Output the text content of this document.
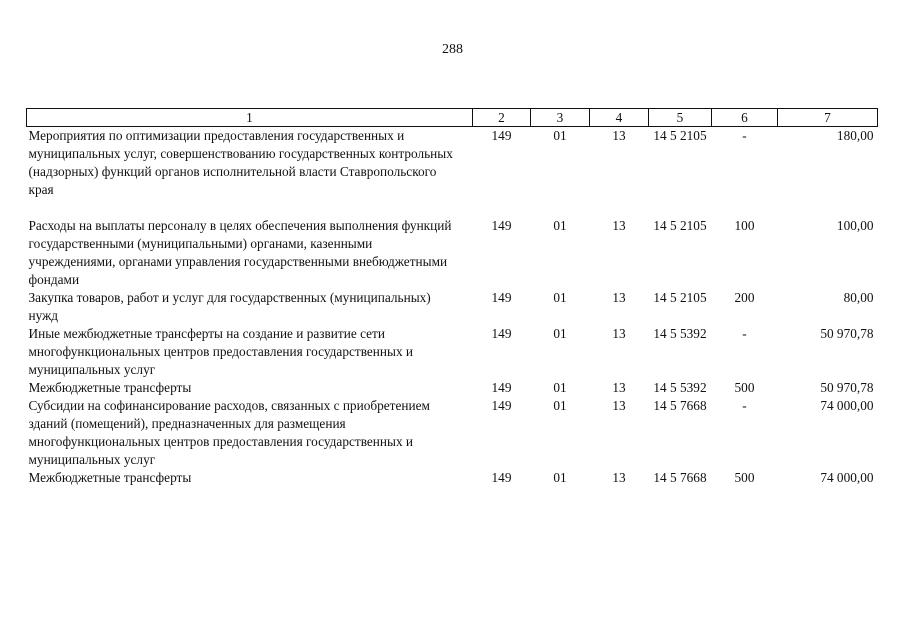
288
1	2	3	4	5	6	7
Мероприятия по оптимизации предоставления государственных и муниципальных услуг, совершенствованию государственных контрольных (надзорных) функций органов исполнительной власти Ставропольского края	149	01	13	14 5 2105	-	180,00

Расходы на выплаты персоналу в целях обеспечения выполнения функций государственными (муниципальными) органами, казенными учреждениями, органами управления государственными внебюджетными фондами	149	01	13	14 5 2105	100	100,00
Закупка товаров, работ и услуг для государственных (муниципальных) нужд	149	01	13	14 5 2105	200	80,00
Иные межбюджетные трансферты на создание и развитие сети многофункциональных центров предоставления государственных и муниципальных услуг	149	01	13	14 5 5392	-	50 970,78
Межбюджетные трансферты	149	01	13	14 5 5392	500	50 970,78
Субсидии на софинансирование расходов, связанных с приобретением зданий (помещений), предназначенных для размещения многофункциональных центров предоставления государственных и муниципальных услуг	149	01	13	14 5 7668	-	74 000,00
Межбюджетные трансферты	149	01	13	14 5 7668	500	74 000,00
